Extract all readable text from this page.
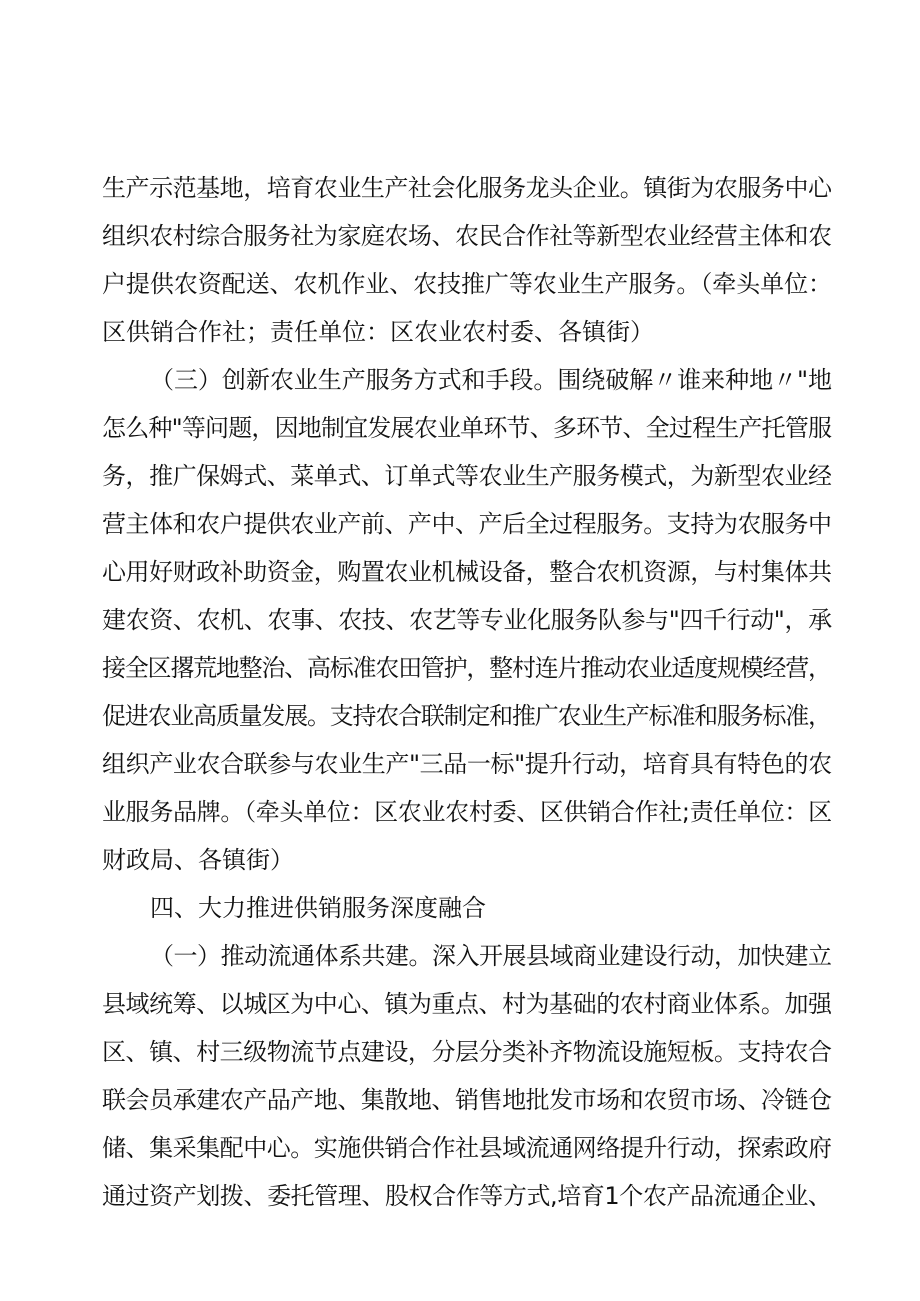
生产示范基地，培育农业生产社会化服务龙头企业。镇街为农服务中心
组织农村综合服务社为家庭农场、农民合作社等新型农业经营主体和农
户提供农资配送、农机作业、农技推广等农业生产服务。（牵头单位：
区供销合作社；责任单位：区农业农村委、各镇街）
（三）创新农业生产服务方式和手段。围绕破解〃谁来种地〃"地
怎么种"等问题，因地制宜发展农业单环节、多环节、全过程生产托管服
务，推广保姆式、菜单式、订单式等农业生产服务模式，为新型农业经
营主体和农户提供农业产前、产中、产后全过程服务。支持为农服务中
心用好财政补助资金，购置农业机械设备，整合农机资源，与村集体共
建农资、农机、农事、农技、农艺等专业化服务队参与"四千行动"，承
接全区撂荒地整治、高标准农田管护，整村连片推动农业适度规模经营，
促进农业高质量发展。支持农合联制定和推广农业生产标准和服务标准，
组织产业农合联参与农业生产"三品一标"提升行动，培育具有特色的农
业服务品牌。（牵头单位：区农业农村委、区供销合作社;责任单位：区
财政局、各镇街）
四、大力推进供销服务深度融合
（一）推动流通体系共建。深入开展县域商业建设行动，加快建立
县域统筹、以城区为中心、镇为重点、村为基础的农村商业体系。加强
区、镇、村三级物流节点建设，分层分类补齐物流设施短板。支持农合
联会员承建农产品产地、集散地、销售地批发市场和农贸市场、冷链仓
储、集采集配中心。实施供销合作社县域流通网络提升行动，探索政府
通过资产划拨、委托管理、股权合作等方式,培育1个农产品流通企业、
